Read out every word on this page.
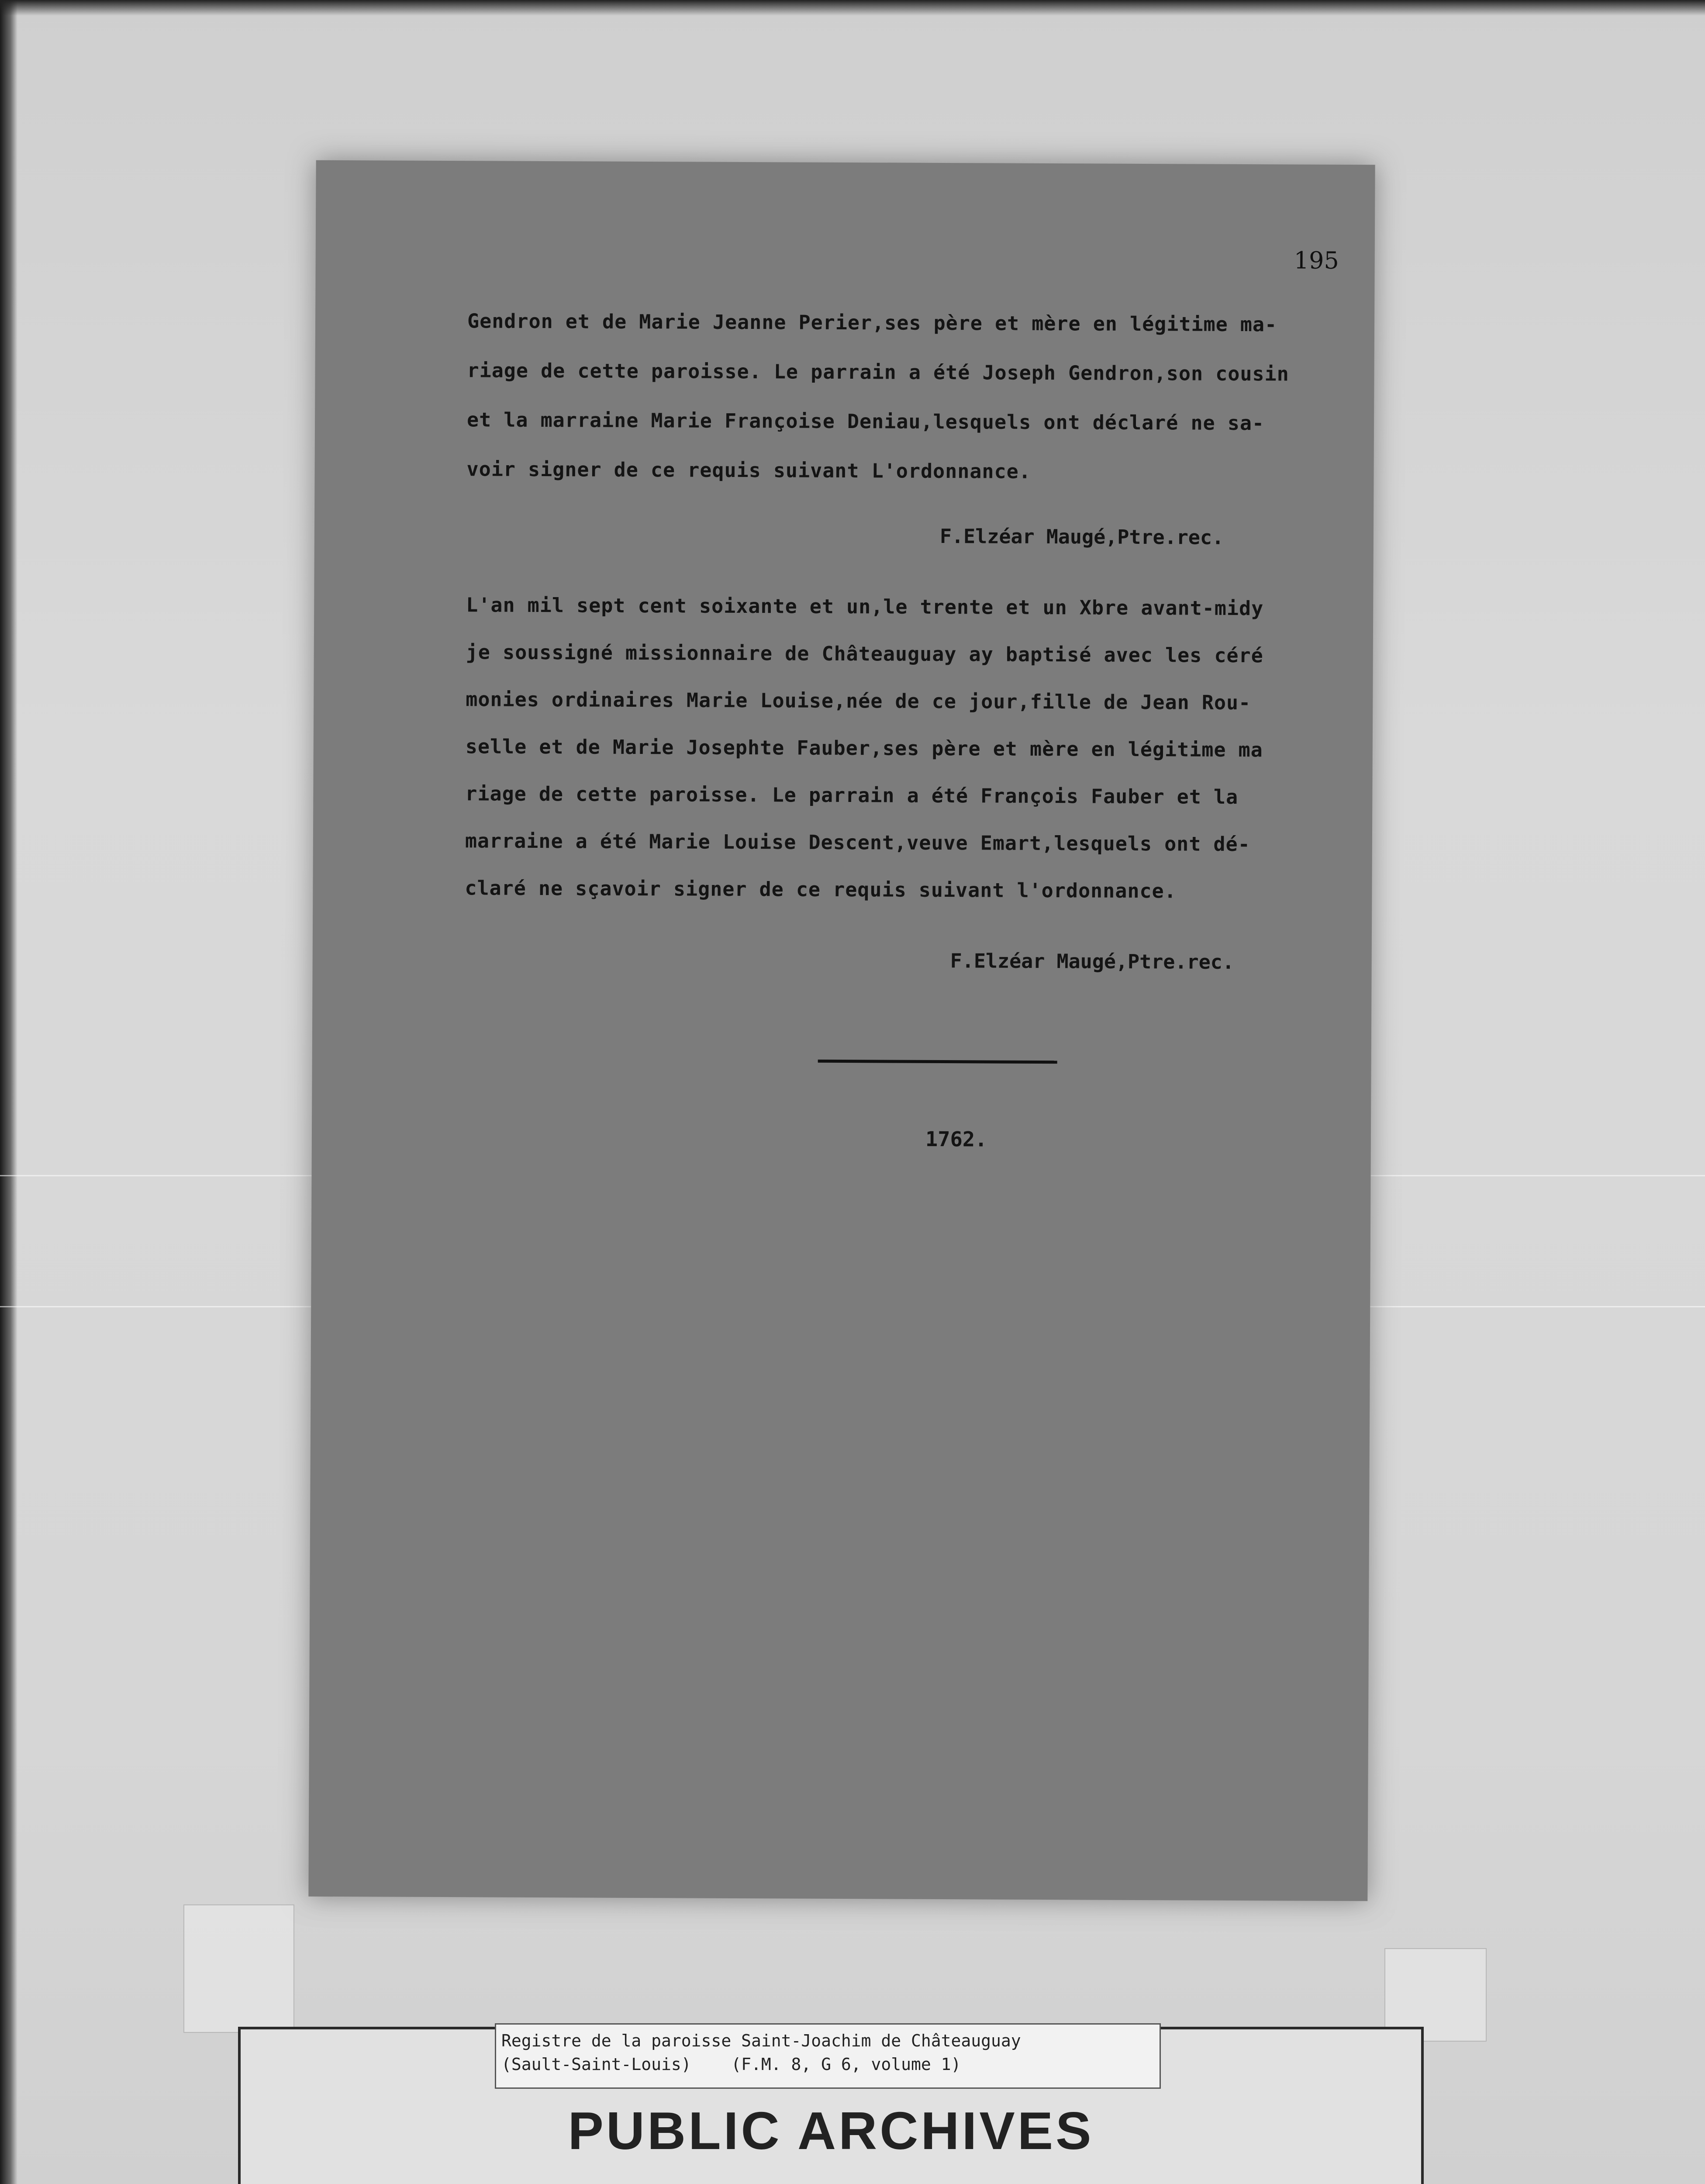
195

Gendron et de Marie Jeanne Perier,ses père et mère en légitime ma-

riage de cette paroisse. Le parrain a été Joseph Gendron,son cousin

et la marraine Marie Françoise Deniau,lesquels ont déclaré ne sa-

voir signer de ce requis suivant L'ordonnance.

F.Elzéar Maugé,Ptre.rec.

L'an mil sept cent soixante et un,le trente et un Xbre avant-midy

je soussigné missionnaire de Châteauguay ay baptisé avec les céré

monies ordinaires Marie Louise,née de ce jour,fille de Jean Rou-

selle et de Marie Josephte Fauber,ses père et mère en légitime ma

riage de cette paroisse. Le parrain a été François Fauber et la

marraine a été Marie Louise Descent,veuve Emart,lesquels ont dé-

claré ne sçavoir signer de ce requis suivant l'ordonnance.

F.Elzéar Maugé,Ptre.rec.
1762.
PUBLIC ARCHIVES
Registre de la paroisse Saint-Joachim de Châteauguay
(Sault-Saint-Louis)    (F.M. 8, G 6, volume 1)
